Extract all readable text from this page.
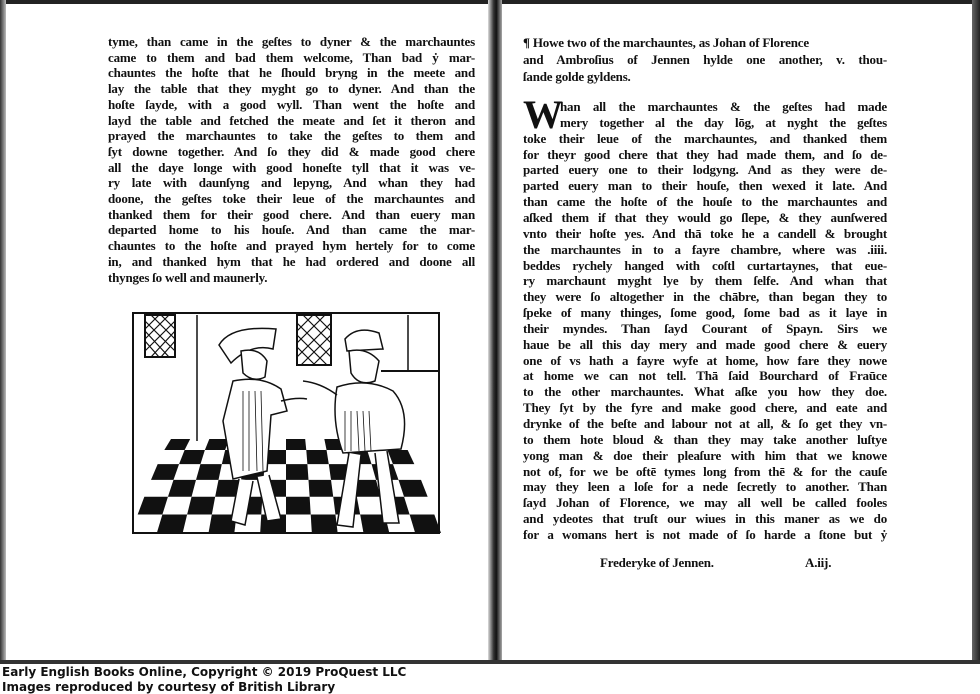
tyme, than came in the geſtes to dyner & the marchauntes
came to them and bad them welcome, Than bad ẏ mar-
chauntes the hoſte that he ſhould bryng in the meete and
lay the table that they myght go to dyner. And than the
hoſte ſayde, with a good wyll. Than went the hoſte and
layd the table and fetched the meate and ſet it theron and
prayed the marchauntes to take the geſtes to them and
ſyt downe together. And ſo they did & made good chere
all the daye longe with good honeſte tyll that it was ve-
ry late with daunſyng and lepyng, And whan they had
doone, the geſtes toke their leue of the marchauntes and
thanked them for their good chere. And than euery man
departed home to his houſe. And than came the mar-
chauntes to the hoſte and prayed hym hertely for to come
in, and thanked hym that he had ordered and doone all
thynges ſo well and maunerly.
¶ Howe two of the marchauntes, as Johan of Florence
and Ambroſius of Jennen hylde one another, v. thou-
ſande golde gyldens.
W
han all the marchauntes & the geſtes had made
mery together al the day lōg, at nyght the geſtes
toke their leue of the marchauntes, and thanked them
for theyr good chere that they had made them, and ſo de-
parted euery one to their lodgyng. And as they were de-
parted euery man to their houſe, then wexed it late. And
than came the hoſte of the houſe to the marchauntes and
aſked them if that they would go ſlepe, & they aunſwered
vnto their hoſte yes. And thā toke he a candell & brought
the marchauntes in to a fayre chambre, where was .iiii.
beddes rychely hanged with coſtl curtartaynes, that eue-
ry marchaunt myght lye by them ſelfe. And whan that
they were ſo altogether in the chābre, than began they to
ſpeke of many thinges, ſome good, ſome bad as it laye in
their myndes. Than ſayd Courant of Spayn. Sirs we
haue be all this day mery and made good chere & euery
one of vs hath a fayre wyfe at home, how fare they nowe
at home we can not tell. Thā ſaid Bourchard of Fraūce
to the other marchauntes. What aſke you how they doe.
They ſyt by the fyre and make good chere, and eate and
drynke of the beſte and labour not at all, & ſo get they vn-
to them hote bloud & than they may take another luſtye
yong man & doe their pleaſure with him that we knowe
not of, for we be oftē tymes long from thē & for the cauſe
may they leen a loſe for a nede ſecretly to another. Than
ſayd Johan of Florence, we may all well be called fooles
and ydeotes that truſt our wiues in this maner as we do
for a womans hert is not made of ſo harde a ſtone but ẏ
Frederyke of Jennen.	A.iij.
Early English Books Online, Copyright © 2019 ProQuest LLC
Images reproduced by courtesy of British Library
